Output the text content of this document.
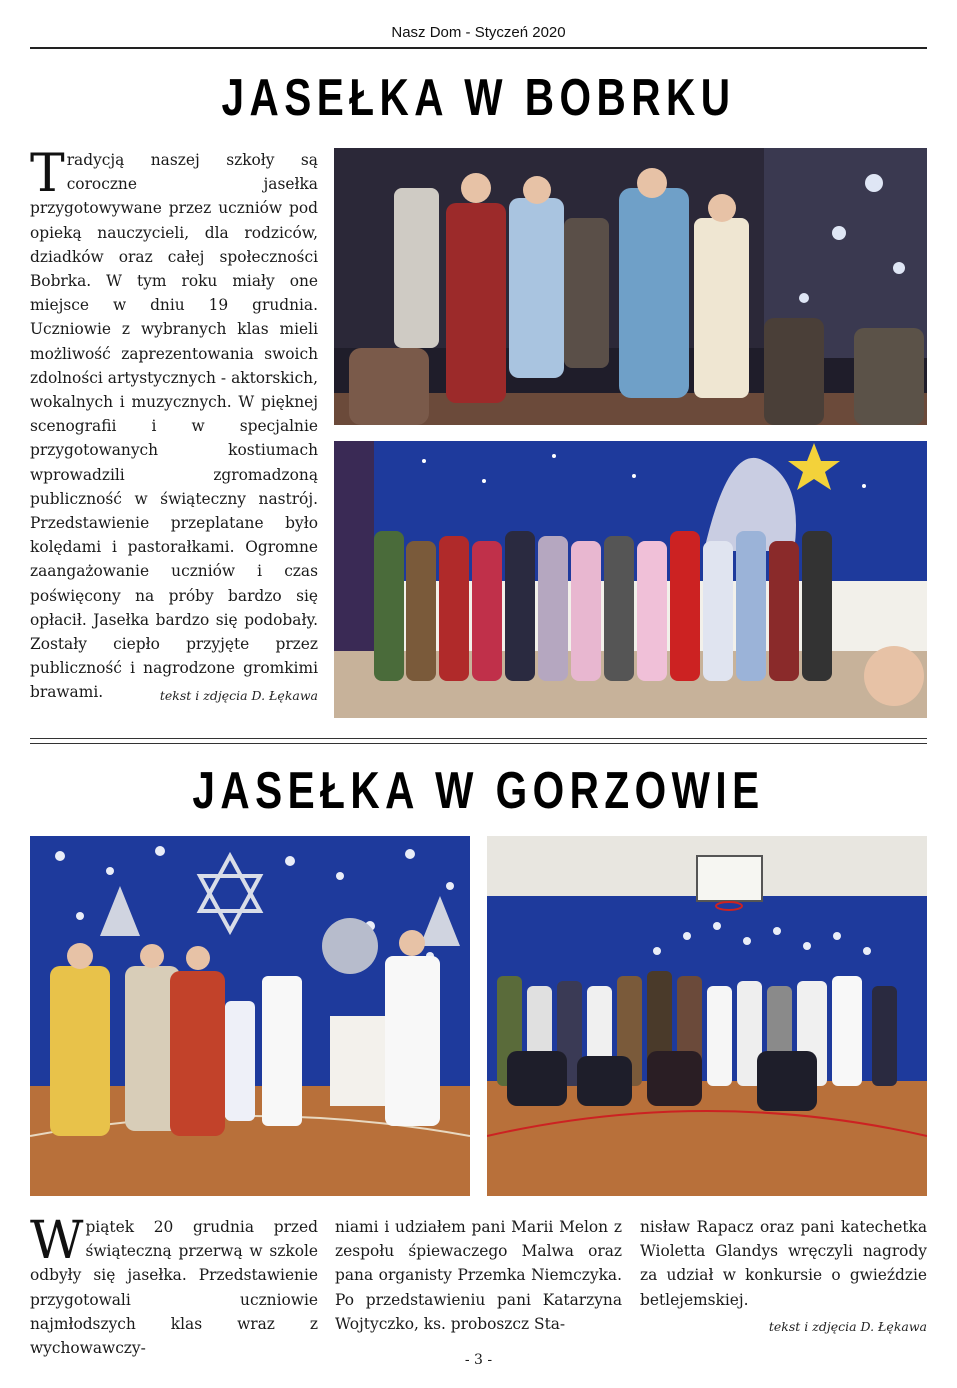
Nasz Dom - Styczeń 2020
JASEŁKA W BOBRKU
Tradycją naszej szkoły są coroczne jasełka przygotowywane przez uczniów pod opieką nauczycieli, dla rodziców, dziadków oraz całej społeczności Bobrka. W tym roku miały one miejsce w dniu 19 grudnia. Uczniowie z wybranych klas mieli możliwość zaprezentowania swoich zdolności artystycznych - aktorskich, wokalnych i muzycznych. W pięknej scenografii i w specjalnie przygotowanych kostiumach wprowadzili zgromadzoną publiczność w świąteczny nastrój. Przedstawienie przeplatane było kolędami i pastorałkami. Ogromne zaangażowanie uczniów i czas poświęcony na próby bardzo się opłacił. Jasełka bardzo się podobały. Zostały ciepło przyjęte przez publiczność i nagrodzone gromkimi brawami.	tekst i zdjęcia D. Łękawa
JASEŁKA W GORZOWIE
Wpiątek 20 grudnia przed świąteczną przerwą w szkole odbyły się jasełka. Przedstawienie przygotowali uczniowie najmłodszych klas wraz z wychowawczy-
niami i udziałem pani Marii Melon z zespołu śpiewaczego Malwa oraz pana organisty Przemka Niemczyka. Po przedstawieniu pani Katarzyna Wojtyczko, ks. proboszcz Sta-
nisław Rapacz oraz pani katechetka Wioletta Glandys wręczyli nagrody za udział w konkursie o gwieździe betlejemskiej.
tekst i zdjęcia D. Łękawa
- 3 -
